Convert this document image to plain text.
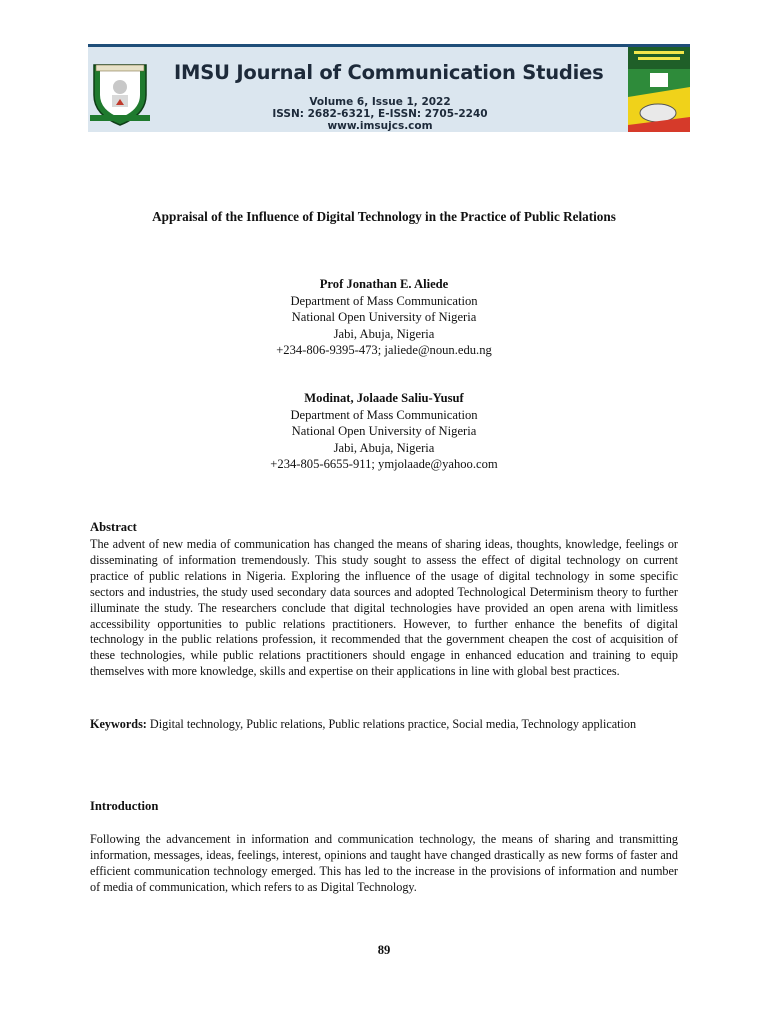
IMSU Journal of Communication Studies
Volume 6, Issue 1, 2022
ISSN: 2682-6321, E-ISSN: 2705-2240
www.imsujcs.com
Appraisal of the Influence of Digital Technology in the Practice of Public Relations
Prof Jonathan E. Aliede
Department of Mass Communication
National Open University of Nigeria
Jabi, Abuja, Nigeria
+234-806-9395-473; jaliede@noun.edu.ng
Modinat, Jolaade Saliu-Yusuf
Department of Mass Communication
National Open University of Nigeria
Jabi, Abuja, Nigeria
+234-805-6655-911; ymjolaade@yahoo.com
Abstract

The advent of new media of communication has changed the means of sharing ideas, thoughts, knowledge, feelings or disseminating of information tremendously. This study sought to assess the effect of digital technology on current practice of public relations in Nigeria. Exploring the influence of the usage of digital technology in some specific sectors and industries, the study used secondary data sources and adopted Technological Determinism theory to further illuminate the study. The researchers conclude that digital technologies have provided an open arena with limitless accessibility opportunities to public relations practitioners. However, to further enhance the benefits of digital technology in the public relations profession, it recommended that the government cheapen the cost of acquisition of these technologies, while public relations practitioners should engage in enhanced education and training to equip themselves with more knowledge, skills and expertise on their applications in line with global best practices.

Keywords: Digital technology, Public relations, Public relations practice, Social media, Technology application

Introduction

Following the advancement in information and communication technology, the means of sharing and transmitting information, messages, ideas, feelings, interest, opinions and taught have changed drastically as new forms of faster and efficient communication technology emerged. This has led to the increase in the provisions of information and number of media of communication, which refers to as Digital Technology.

89
